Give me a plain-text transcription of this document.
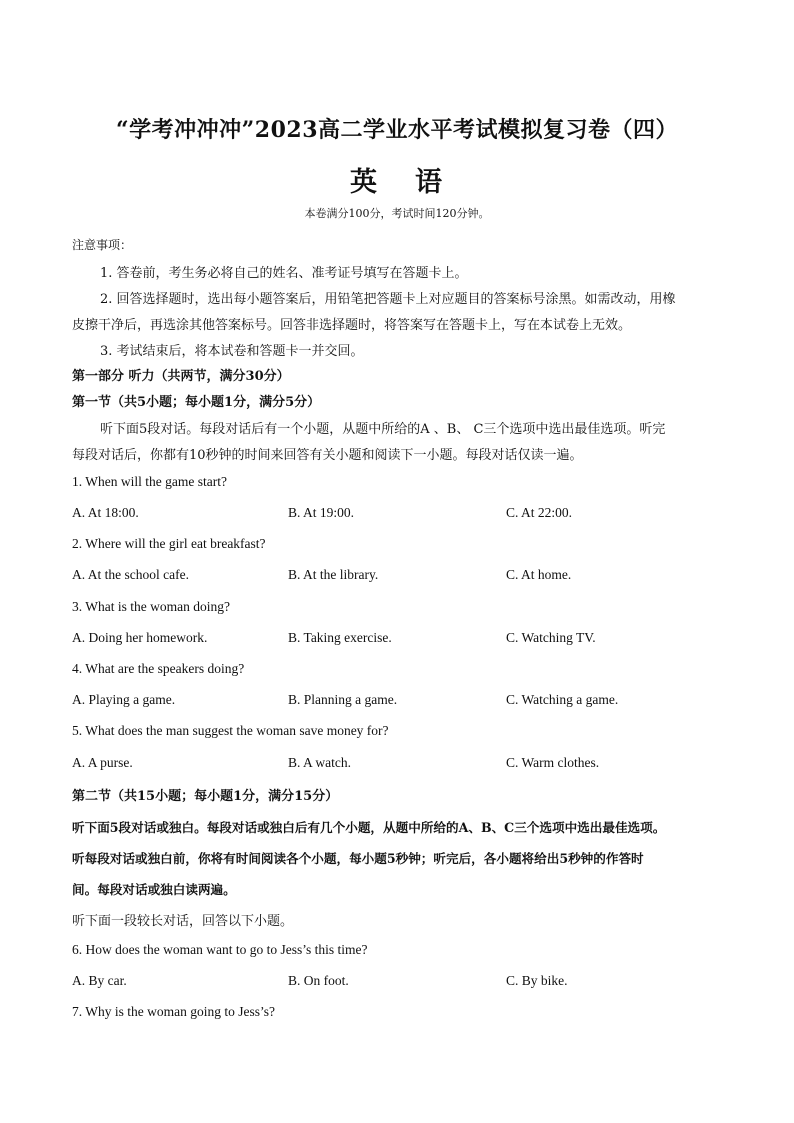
“学考冲冲冲”2023高二学业水平考试模拟复习卷（四）
英 语
本卷满分100分，考试时间120分钟。
注意事项：
1. 答卷前，考生务必将自己的姓名、准考证号填写在答题卡上。
2. 回答选择题时，选出每小题答案后，用铅笔把答题卡上对应题目的答案标号涂黑。如需改动，用橡
皮擦干净后，再选涂其他答案标号。回答非选择题时，将答案写在答题卡上，写在本试卷上无效。
3. 考试结束后，将本试卷和答题卡一并交回。
第一部分 听力（共两节，满分30分）
第一节（共5小题；每小题1分，满分5分）
听下面5段对话。每段对话后有一个小题，从题中所给的A 、B、 C三个选项中选出最佳选项。听完
每段对话后，你都有10秒钟的时间来回答有关小题和阅读下一小题。每段对话仅读一遍。
1. When will the game start?
A. At 18:00.	B. At 19:00.	C. At 22:00.
2. Where will the girl eat breakfast?
A. At the school cafe.	B. At the library.	C. At home.
3. What is the woman doing?
A. Doing her homework.	B. Taking exercise.	C. Watching TV.
4. What are the speakers doing?
A. Playing a game.	B. Planning a game.	C. Watching a game.
5. What does the man suggest the woman save money for?
A. A purse.	B. A watch.	C. Warm clothes.
第二节（共15小题；每小题1分，满分15分）
听下面5段对话或独白。每段对话或独白后有几个小题，从题中所给的A、B、C三个选项中选出最佳选项。
听每段对话或独白前，你将有时间阅读各个小题，每小题5秒钟；听完后，各小题将给出5秒钟的作答时
间。每段对话或独白读两遍。
听下面一段较长对话，回答以下小题。
6. How does the woman want to go to Jess’s this time?
A. By car.	B. On foot.	C. By bike.
7. Why is the woman going to Jess’s?
